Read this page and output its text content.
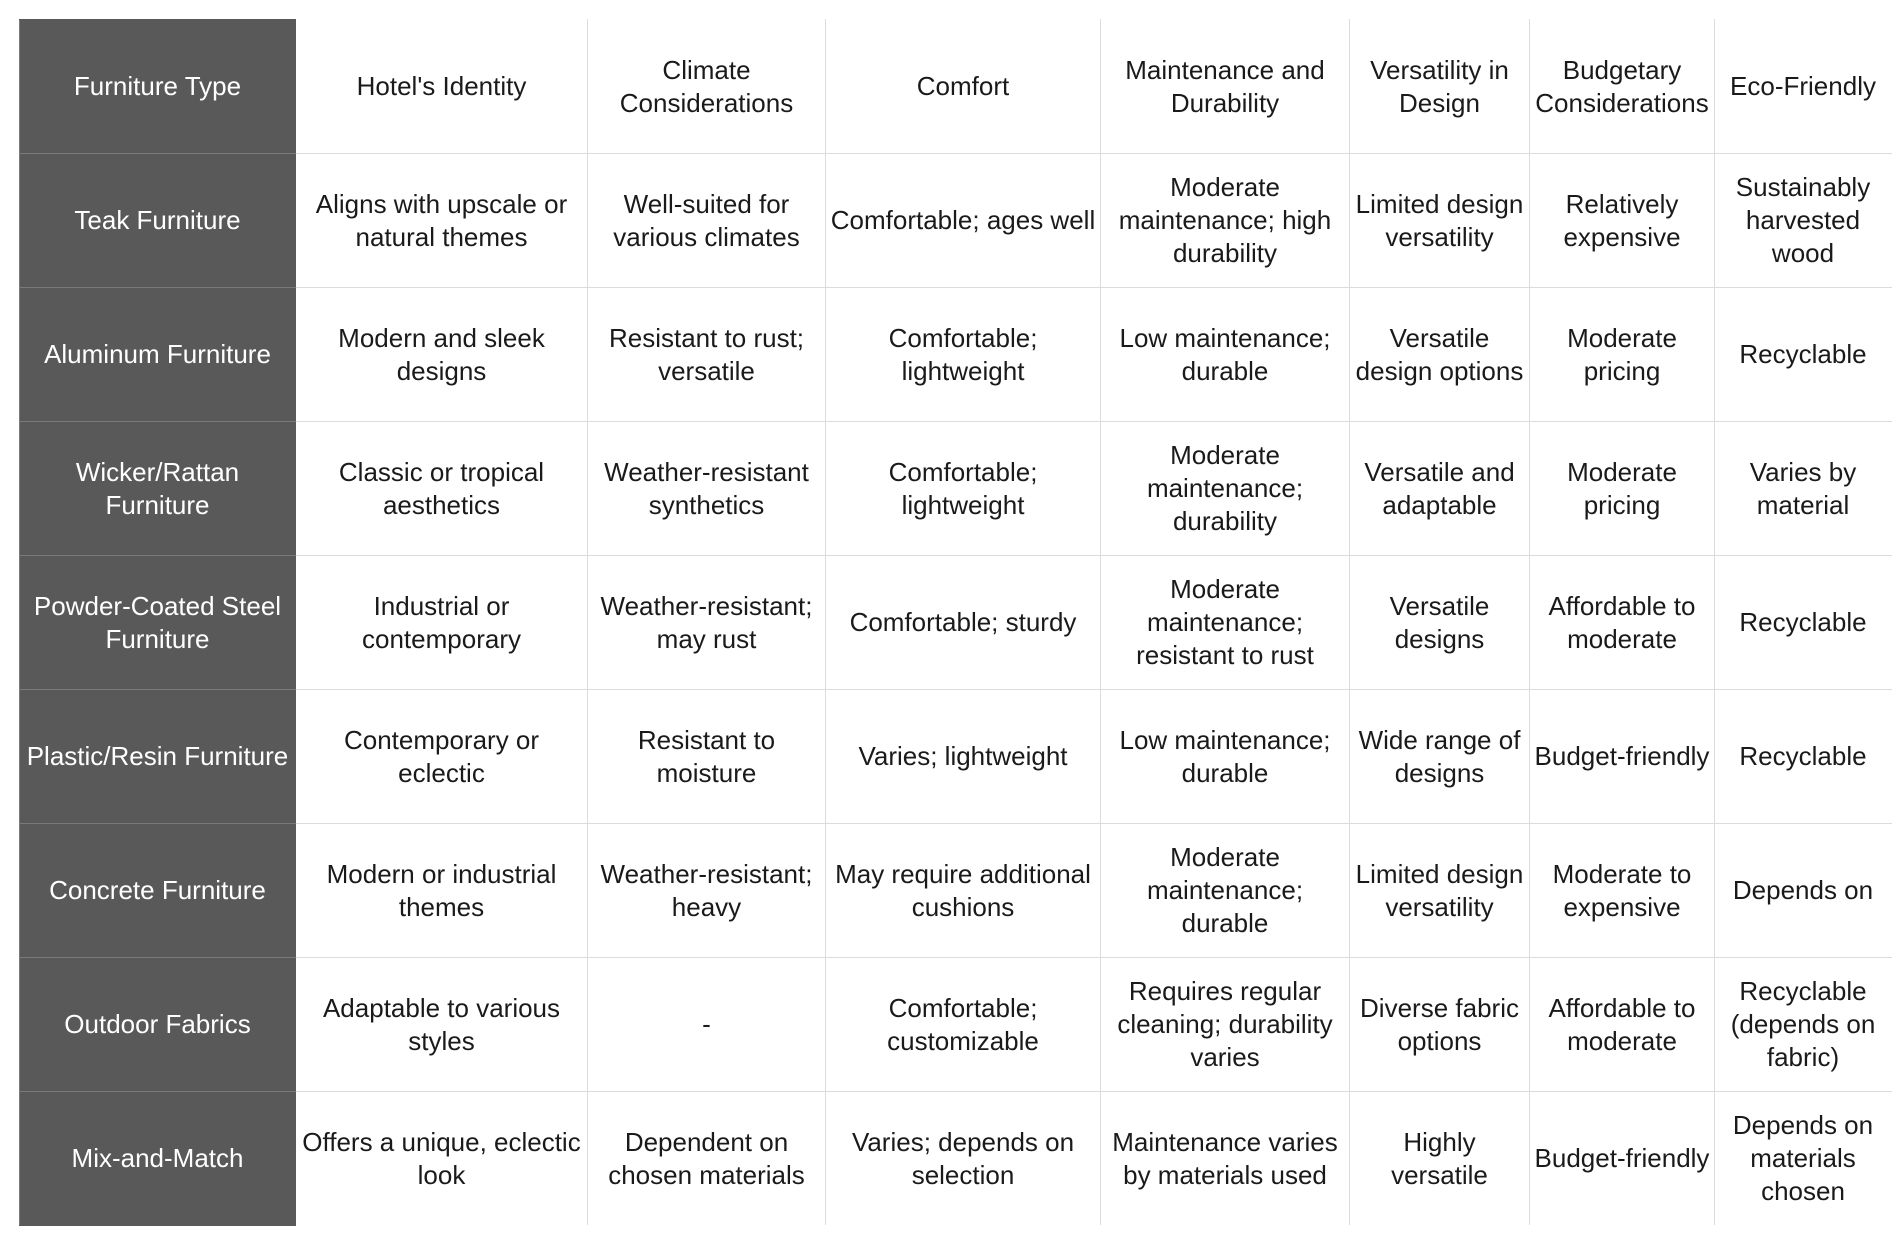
Furniture Type	Hotel's Identity	Climate Considerations	Comfort	Maintenance and Durability	Versatility in Design	Budgetary Considerations	Eco-Friendly
Teak Furniture	Aligns with upscale or natural themes	Well-suited for various climates	Comfortable; ages well	Moderate maintenance; high durability	Limited design versatility	Relatively expensive	Sustainably harvested wood
Aluminum Furniture	Modern and sleek designs	Resistant to rust; versatile	Comfortable; lightweight	Low maintenance; durable	Versatile design options	Moderate pricing	Recyclable
Wicker/Rattan Furniture	Classic or tropical aesthetics	Weather-resistant synthetics	Comfortable; lightweight	Moderate maintenance; durability	Versatile and adaptable	Moderate pricing	Varies by material
Powder-Coated Steel Furniture	Industrial or contemporary	Weather-resistant; may rust	Comfortable; sturdy	Moderate maintenance; resistant to rust	Versatile designs	Affordable to moderate	Recyclable
Plastic/Resin Furniture	Contemporary or eclectic	Resistant to moisture	Varies; lightweight	Low maintenance; durable	Wide range of designs	Budget-friendly	Recyclable
Concrete Furniture	Modern or industrial themes	Weather-resistant; heavy	May require additional cushions	Moderate maintenance; durable	Limited design versatility	Moderate to expensive	Depends on
Outdoor Fabrics	Adaptable to various styles	-	Comfortable; customizable	Requires regular cleaning; durability varies	Diverse fabric options	Affordable to moderate	Recyclable (depends on fabric)
Mix-and-Match	Offers a unique, eclectic look	Dependent on chosen materials	Varies; depends on selection	Maintenance varies by materials used	Highly versatile	Budget-friendly	Depends on materials chosen
